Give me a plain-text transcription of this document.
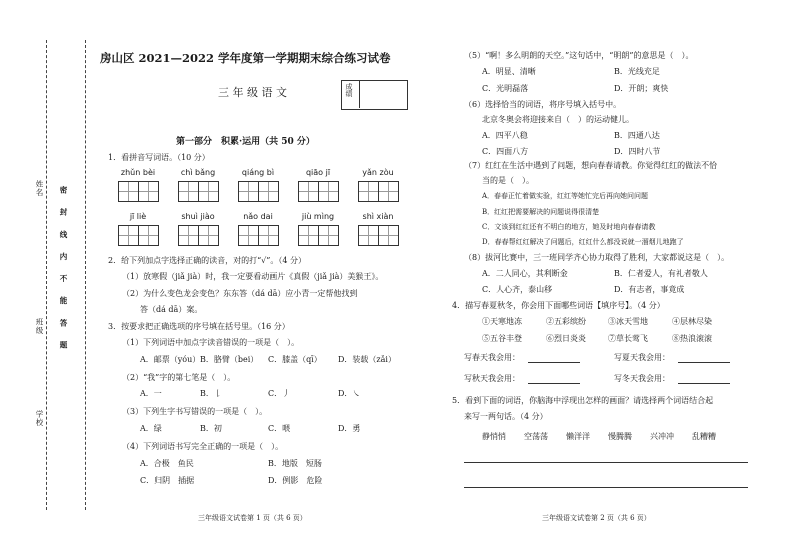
姓名
班级
学校
密 封 线 内 不 能 答 题
房山区 2021—2022 学年度第一学期期末综合练习试卷
三 年 级 语 文	成绩
第一部分　积累·运用（共 50 分）
1．看拼音写词语。（10 分）
zhǔn bèi	chì bǎng	qiáng bì	qiāo jī	yǎn zòu
jī liè	shuì jiào	nǎo dai	jiù mìng	shì xiàn
2．给下列加点字选择正确的读音，对的打“√”。（4 分）
（1）放寒假（jiǎ jià）时，我一定要看动画片《真假（jiǎ jià）美猴王》。
（2）为什么变色龙会变色？东东答（dá dā）应小青一定帮他找到
答（dá dā）案。
3．按要求把正确选项的序号填在括号里。（16 分）
（1）下列词语中加点字读音错误的一项是（　）。
A．邮票（yóu） B．胳臂（bei） C．膝盖（qī） D．装载（zǎi）
（2）“我”字的第七笔是（　）。
A．一	B．𠄌	C．丿	D．㇏
（3）下列生字书写错误的一项是（　）。
A．绿	B．初	C．喂	D．勇
（4）下列词语书写完全正确的一项是（　）。
A．合极　鱼民	B．地版　短肠
C．归阴　插据	D．例影　危险
三年级语文试卷第 1 页（共 6 页）
（5）“啊！多么明朗的天空。”这句话中，“明朗”的意思是（　）。
A．明显、清晰	B．光线充足
C．光明磊落	D．开朗；爽快
（6）选择恰当的词语，将序号填入括号中。
北京冬奥会将迎接来自（　）的运动健儿。
A．四平八稳	B．四通八达
C．四面八方	D．四时八节
（7）红红在生活中遇到了问题，想向春春请教。你觉得红红的做法不恰
当的是（　）。
A．春春正忙着做实验，红红等她忙完后再向她问问题
B．红红把需要解决的问题说得很清楚
C．文该到红红还有不明白的地方，她及时地向春春请教
D．春春帮红红解决了问题后，红红什么都没说就一溜烟儿地跑了
（8）拔河比赛中，三一班同学齐心协力取得了胜利，大家都说这是（　）。
A．二人同心，其利断金	B．仁者爱人，有礼者敬人
C．人心齐，泰山移	D．有志者，事竟成
4．描写春夏秋冬，你会用下面哪些词语【填序号】。（4 分）
①天寒地冻	②五彩缤纷	③冰天雪地	④层林尽染
⑤五谷丰登	⑥烈日炎炎	⑦草长莺飞	⑧热浪滚滚
写春天我会用：	写夏天我会用：
写秋天我会用：	写冬天我会用：
5．看到下面的词语，你脑海中浮现出怎样的画面？请选择两个词语结合起
来写一两句话。（4 分）
静悄悄 空荡荡 懒洋洋 慢腾腾 兴冲冲 乱糟糟
三年级语文试卷第 2 页（共 6 页）
